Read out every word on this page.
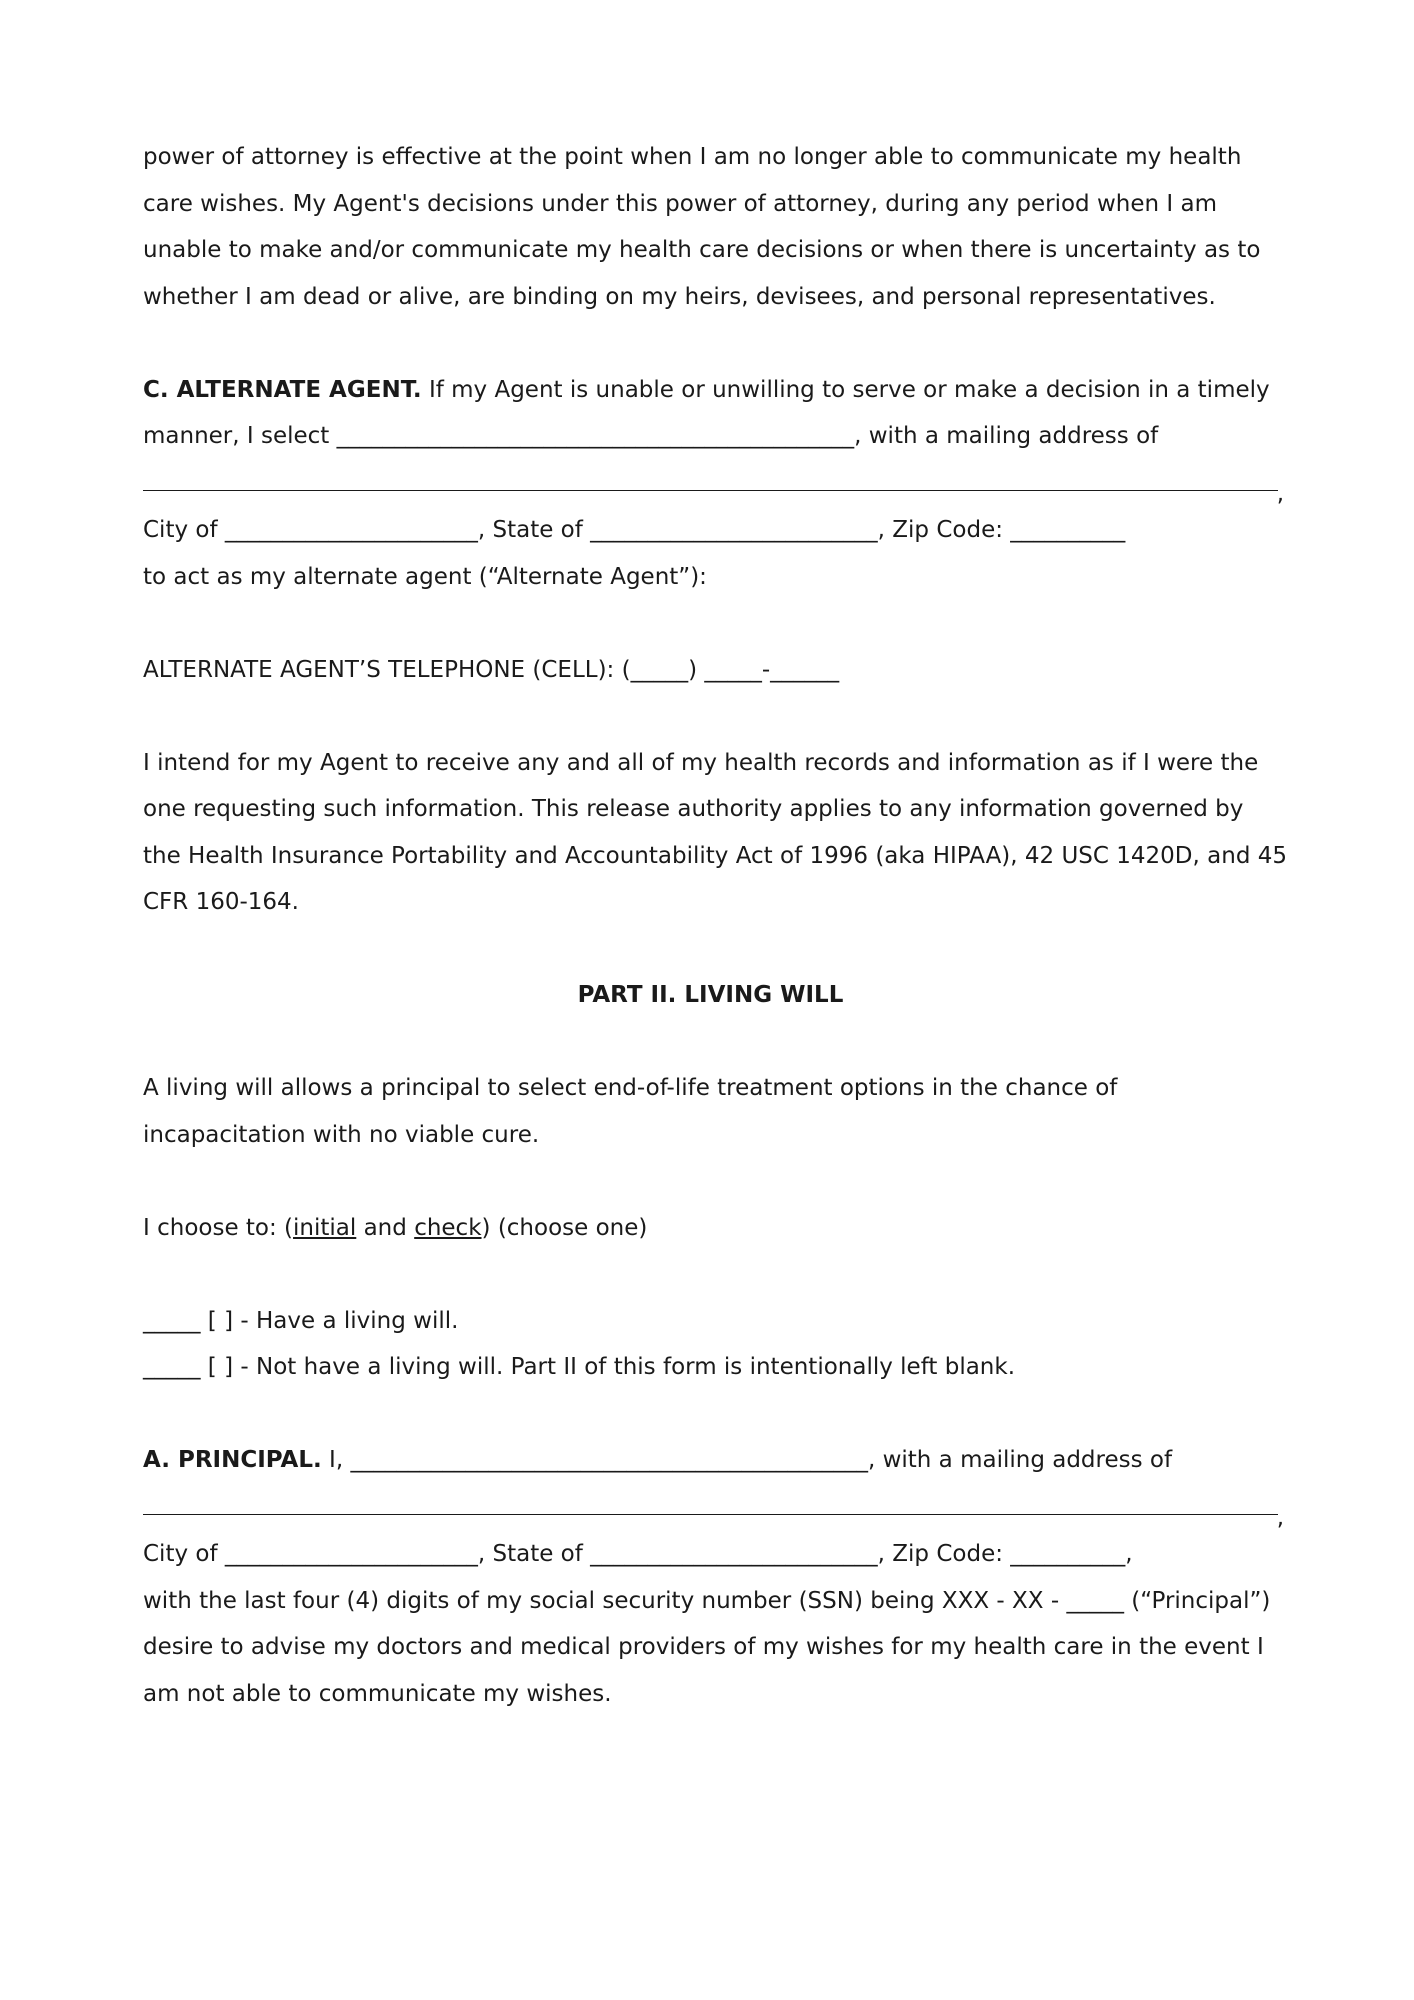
power of attorney is effective at the point when I am no longer able to communicate my health

care wishes. My Agent's decisions under this power of attorney, during any period when I am

unable to make and/or communicate my health care decisions or when there is uncertainty as to

whether I am dead or alive, are binding on my heirs, devisees, and personal representatives.

C. ALTERNATE AGENT. If my Agent is unable or unwilling to serve or make a decision in a timely

manner, I select _____________________________________________, with a mailing address of

,

City of ______________________, State of _________________________, Zip Code: __________

to act as my alternate agent (“Alternate Agent”):

ALTERNATE AGENT’S TELEPHONE (CELL): (_____) _____-______

I intend for my Agent to receive any and all of my health records and information as if I were the

one requesting such information. This release authority applies to any information governed by

the Health Insurance Portability and Accountability Act of 1996 (aka HIPAA), 42 USC 1420D, and 45

CFR 160-164.

PART II. LIVING WILL

A living will allows a principal to select end-of-life treatment options in the chance of

incapacitation with no viable cure.

I choose to: (initial and check) (choose one)

_____ [ ] - Have a living will.

_____ [ ] - Not have a living will. Part II of this form is intentionally left blank.

A. PRINCIPAL. I, _____________________________________________, with a mailing address of

,

City of ______________________, State of _________________________, Zip Code: __________,

with the last four (4) digits of my social security number (SSN) being XXX - XX - _____ (“Principal”)

desire to advise my doctors and medical providers of my wishes for my health care in the event I

am not able to communicate my wishes.
